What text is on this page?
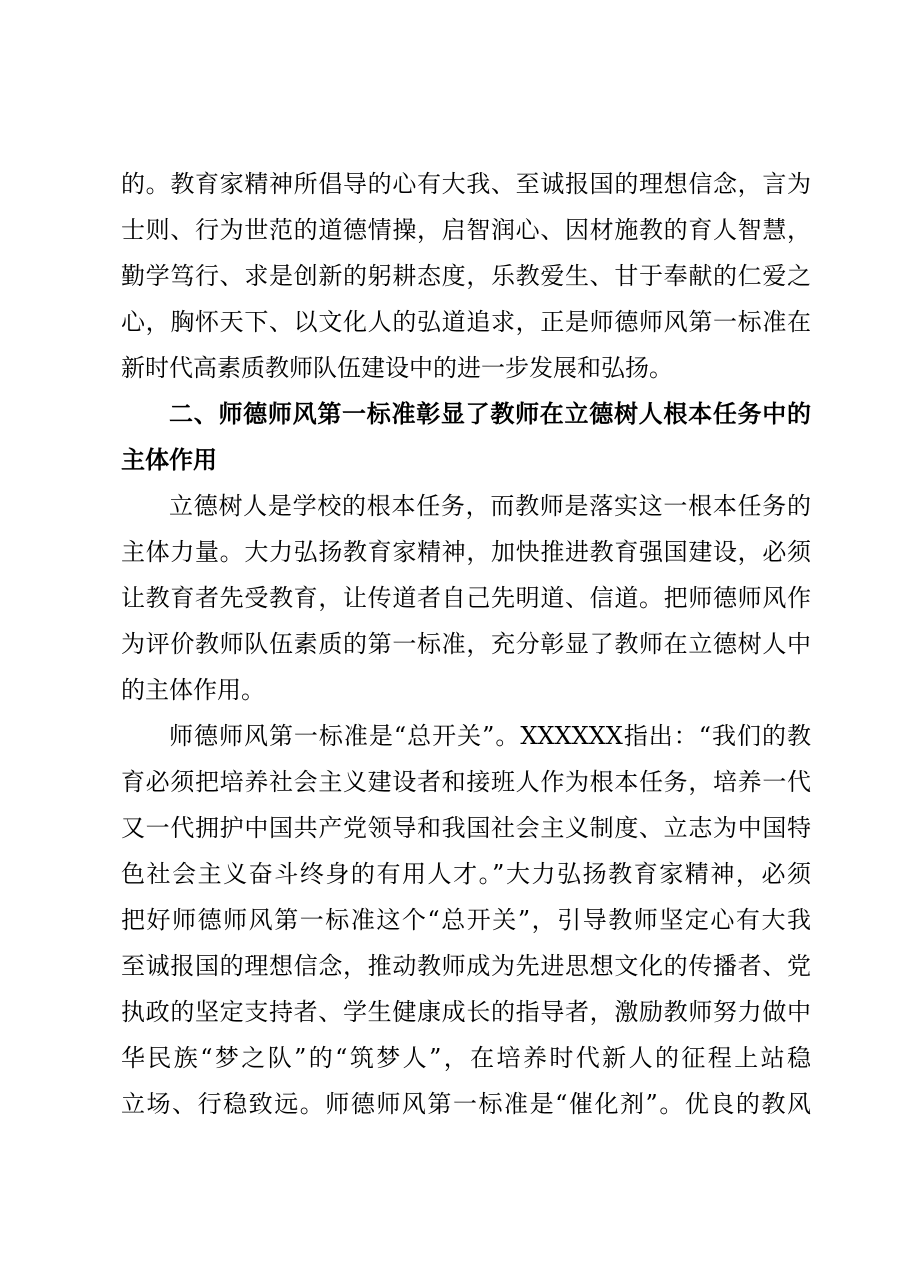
的。教育家精神所倡导的心有大我、至诚报国的理想信念，言为
士则、行为世范的道德情操，启智润心、因材施教的育人智慧，
勤学笃行、求是创新的躬耕态度，乐教爱生、甘于奉献的仁爱之
心，胸怀天下、以文化人的弘道追求，正是师德师风第一标准在
新时代高素质教师队伍建设中的进一步发展和弘扬。
二、师德师风第一标准彰显了教师在立德树人根本任务中的
主体作用
立德树人是学校的根本任务，而教师是落实这一根本任务的
主体力量。大力弘扬教育家精神，加快推进教育强国建设，必须
让教育者先受教育，让传道者自己先明道、信道。把师德师风作
为评价教师队伍素质的第一标准，充分彰显了教师在立德树人中
的主体作用。
师德师风第一标准是“总开关”。XXXXXX指出：“我们的教
育必须把培养社会主义建设者和接班人作为根本任务，培养一代
又一代拥护中国共产党领导和我国社会主义制度、立志为中国特
色社会主义奋斗终身的有用人才。”大力弘扬教育家精神，必须
把好师德师风第一标准这个“总开关”，引导教师坚定心有大我
至诚报国的理想信念，推动教师成为先进思想文化的传播者、党
执政的坚定支持者、学生健康成长的指导者，激励教师努力做中
华民族“梦之队”的“筑梦人”，在培养时代新人的征程上站稳
立场、行稳致远。师德师风第一标准是“催化剂”。优良的教风
